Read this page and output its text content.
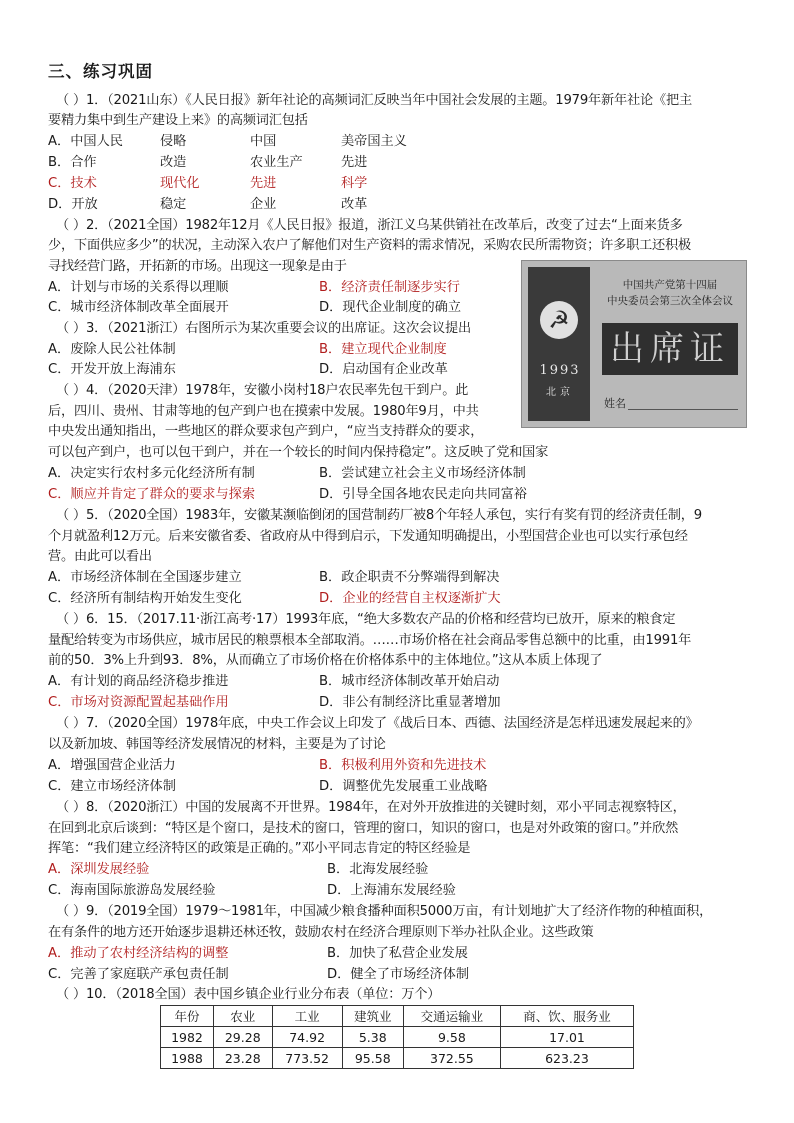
三、练习巩固
（ ）1．（2021山东）《人民日报》新年社论的高频词汇反映当年中国社会发展的主题。1979年新年社论《把主
要精力集中到生产建设上来》的高频词汇包括
A．中国人民	侵略	中国	美帝国主义
B．合作	改造	农业生产	先进
C．技术	现代化	先进	科学
D．开放	稳定	企业	改革
（ ）2．（2021全国）1982年12月《人民日报》报道，浙江义乌某供销社在改革后，改变了过去“上面来货多
少，下面供应多少”的状况，主动深入农户了解他们对生产资料的需求情况，采购农民所需物资；许多职工还积极
寻找经营门路，开拓新的市场。出现这一现象是由于
A．计划与市场的关系得以理顺	B．经济责任制逐步实行
C．城市经济体制改革全面展开	D．现代企业制度的确立
（ ）3．（2021浙江）右图所示为某次重要会议的出席证。这次会议提出
A．废除人民公社体制	B．建立现代企业制度
C．开发开放上海浦东	D．启动国有企业改革
（ ）4．（2020天津）1978年，安徽小岗村18户农民率先包干到户。此
后，四川、贵州、甘肃等地的包产到户也在摸索中发展。1980年9月，中共
中央发出通知指出，一些地区的群众要求包产到户，“应当支持群众的要求，
可以包产到户，也可以包干到户，并在一个较长的时间内保持稳定”。这反映了党和国家
A．决定实行农村多元化经济所有制	B．尝试建立社会主义市场经济体制
C．顺应并肯定了群众的要求与探索	D．引导全国各地农民走向共同富裕
（ ）5．（2020全国）1983年，安徽某濒临倒闭的国营制药厂被8个年轻人承包，实行有奖有罚的经济责任制，9
个月就盈利12万元。后来安徽省委、省政府从中得到启示，下发通知明确提出，小型国营企业也可以实行承包经
营。由此可以看出
A．市场经济体制在全国逐步建立	B．政企职责不分弊端得到解决
C．经济所有制结构开始发生变化	D．企业的经营自主权逐渐扩大
（ ）6．15．（2017.11·浙江高考·17）1993年底，“绝大多数农产品的价格和经营均已放开，原来的粮食定
量配给转变为市场供应，城市居民的粮票根本全部取消。……市场价格在社会商品零售总额中的比重，由1991年
前的50．3%上升到93．8%，从而确立了市场价格在价格体系中的主体地位。”这从本质上体现了
A．有计划的商品经济稳步推进	B．城市经济体制改革开始启动
C．市场对资源配置起基础作用	D．非公有制经济比重显著增加
（ ）7．（2020全国）1978年底，中央工作会议上印发了《战后日本、西德、法国经济是怎样迅速发展起来的》
以及新加坡、韩国等经济发展情况的材料，主要是为了讨论
A．增强国营企业活力	B．积极利用外资和先进技术
C．建立市场经济体制	D．调整优先发展重工业战略
（ ）8．（2020浙江）中国的发展离不开世界。1984年，在对外开放推进的关键时刻，邓小平同志视察特区，
在回到北京后谈到：“特区是个窗口，是技术的窗口，管理的窗口，知识的窗口，也是对外政策的窗口。”并欣然
挥笔：“我们建立经济特区的政策是正确的。”邓小平同志肯定的特区经验是
A．深圳发展经验	B．北海发展经验
C．海南国际旅游岛发展经验	D．上海浦东发展经验
（ ）9．（2019全国）1979～1981年，中国减少粮食播种面积5000万亩，有计划地扩大了经济作物的种植面积，
在有条件的地方还开始逐步退耕还林还牧，鼓励农村在经济合理原则下举办社队企业。这些政策
A．推动了农村经济结构的调整	B．加快了私营企业发展
C．完善了家庭联产承包责任制	D．健全了市场经济体制
（ ）10．（2018全国）表中国乡镇企业行业分布表（单位：万个）
年份	农业	工业	建筑业	交通运输业	商、饮、服务业
1982	29.28	74.92	5.38	9.58	17.01
1988	23.28	773.52	95.58	372.55	623.23
☭
1993
北京
中国共产党第十四届
中央委员会第三次全体会议
出席证
姓名
